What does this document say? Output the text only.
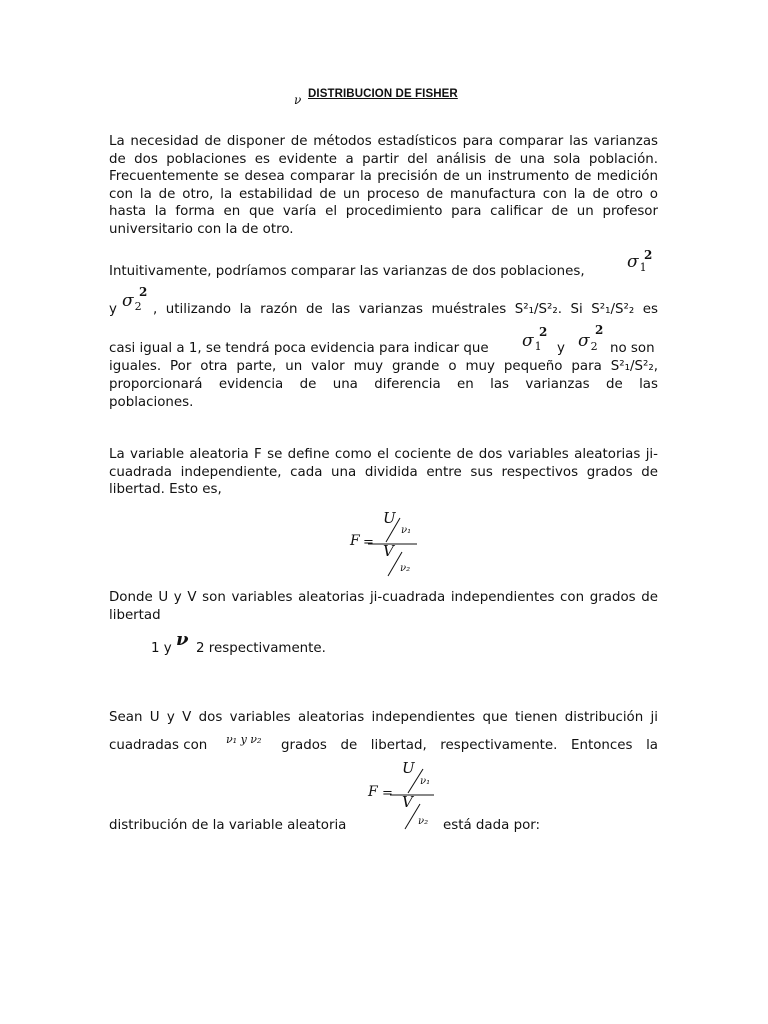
ν DISTRIBUCION DE FISHER

La necesidad de disponer de métodos estadísticos para comparar las varianzas de dos poblaciones es evidente a partir del análisis de una sola población. Frecuentemente se desea comparar la precisión de un instrumento de medición con la de otro, la estabilidad de un proceso de manufactura con la de otro o hasta la forma en que varía el procedimiento para calificar de un profesor universitario con la de otro.

Intuitivamente, podríamos comparar las varianzas de dos poblaciones, $\sigma_1$
2
y $\sigma_2$
2
, utilizando la razón de las varianzas muéstrales S²₁/S²₂. Si S²₁/S²₂ es
casi igual a 1, se tendrá poca evidencia para indicar que $\sigma_1$
2
y $\sigma_2$
2
no son
iguales. Por otra parte, un valor muy grande o muy pequeño para S²₁/S²₂,
proporcionará evidencia de una diferencia en las varianzas de las
poblaciones.

La variable aleatoria F se define como el cociente de dos variables aleatorias ji-cuadrada independiente, cada una dividida entre sus respectivos grados de libertad. Esto es,

F =
U
ν₁
V
ν₂

Donde U y V son variables aleatorias ji-cuadrada independientes con grados de libertad

1 y ν 2 respectivamente.
Sean U y V dos variables aleatorias independientes que tienen distribución ji
cuadradas con ν₁ y ν₂ grados de libertad, respectivamente. Entonces la
F =
U
ν₁
V
ν₂
distribución de la variable aleatoria	está dada por:
